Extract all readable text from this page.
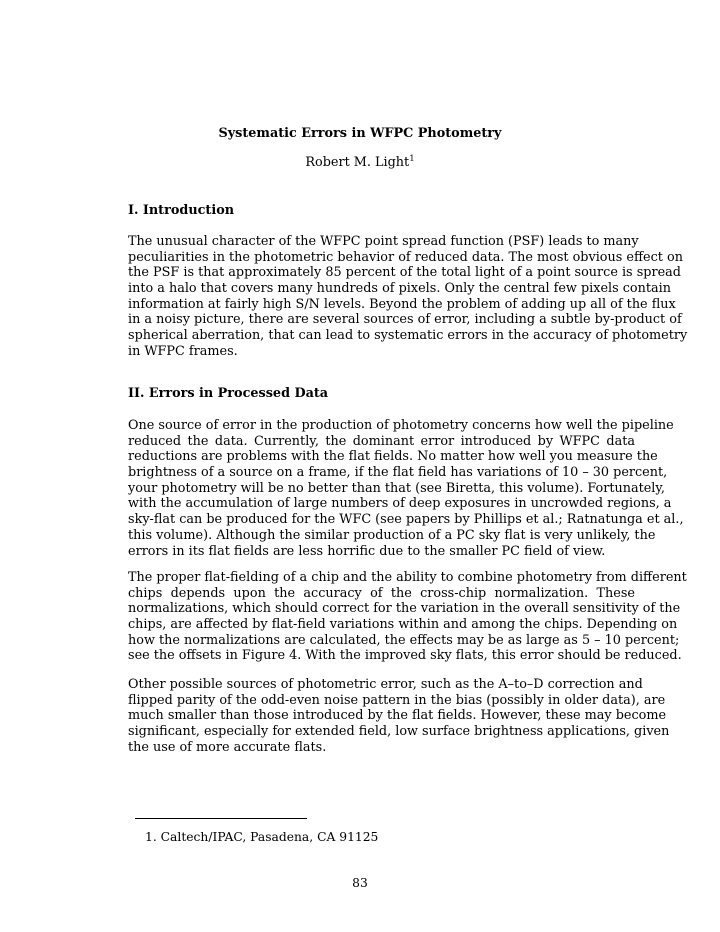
Systematic Errors in WFPC Photometry
Robert M. Light$^1$
I. Introduction
The unusual character of the WFPC point spread function (PSF) leads to many
peculiarities in the photometric behavior of reduced data. The most obvious effect on
the PSF is that approximately 85 percent of the total light of a point source is spread
into a halo that covers many hundreds of pixels. Only the central few pixels contain
information at fairly high S/N levels. Beyond the problem of adding up all of the flux
in a noisy picture, there are several sources of error, including a subtle by-product of
spherical aberration, that can lead to systematic errors in the accuracy of photometry
in WFPC frames.
II. Errors in Processed Data
One source of error in the production of photometry concerns how well the pipeline
reduced the data. Currently, the dominant error introduced by WFPC data
reductions are problems with the flat fields. No matter how well you measure the
brightness of a source on a frame, if the flat field has variations of 10 – 30 percent,
your photometry will be no better than that (see Biretta, this volume). Fortunately,
with the accumulation of large numbers of deep exposures in uncrowded regions, a
sky-flat can be produced for the WFC (see papers by Phillips et al.; Ratnatunga et al.,
this volume). Although the similar production of a PC sky flat is very unlikely, the
errors in its flat fields are less horrific due to the smaller PC field of view.
The proper flat-fielding of a chip and the ability to combine photometry from different
chips depends upon the accuracy of the cross-chip normalization. These
normalizations, which should correct for the variation in the overall sensitivity of the
chips, are affected by flat-field variations within and among the chips. Depending on
how the normalizations are calculated, the effects may be as large as 5 – 10 percent;
see the offsets in Figure 4. With the improved sky flats, this error should be reduced.
Other possible sources of photometric error, such as the A–to–D correction and
flipped parity of the odd-even noise pattern in the bias (possibly in older data), are
much smaller than those introduced by the flat fields. However, these may become
significant, especially for extended field, low surface brightness applications, given
the use of more accurate flats.
1. Caltech/IPAC, Pasadena, CA 91125
83
